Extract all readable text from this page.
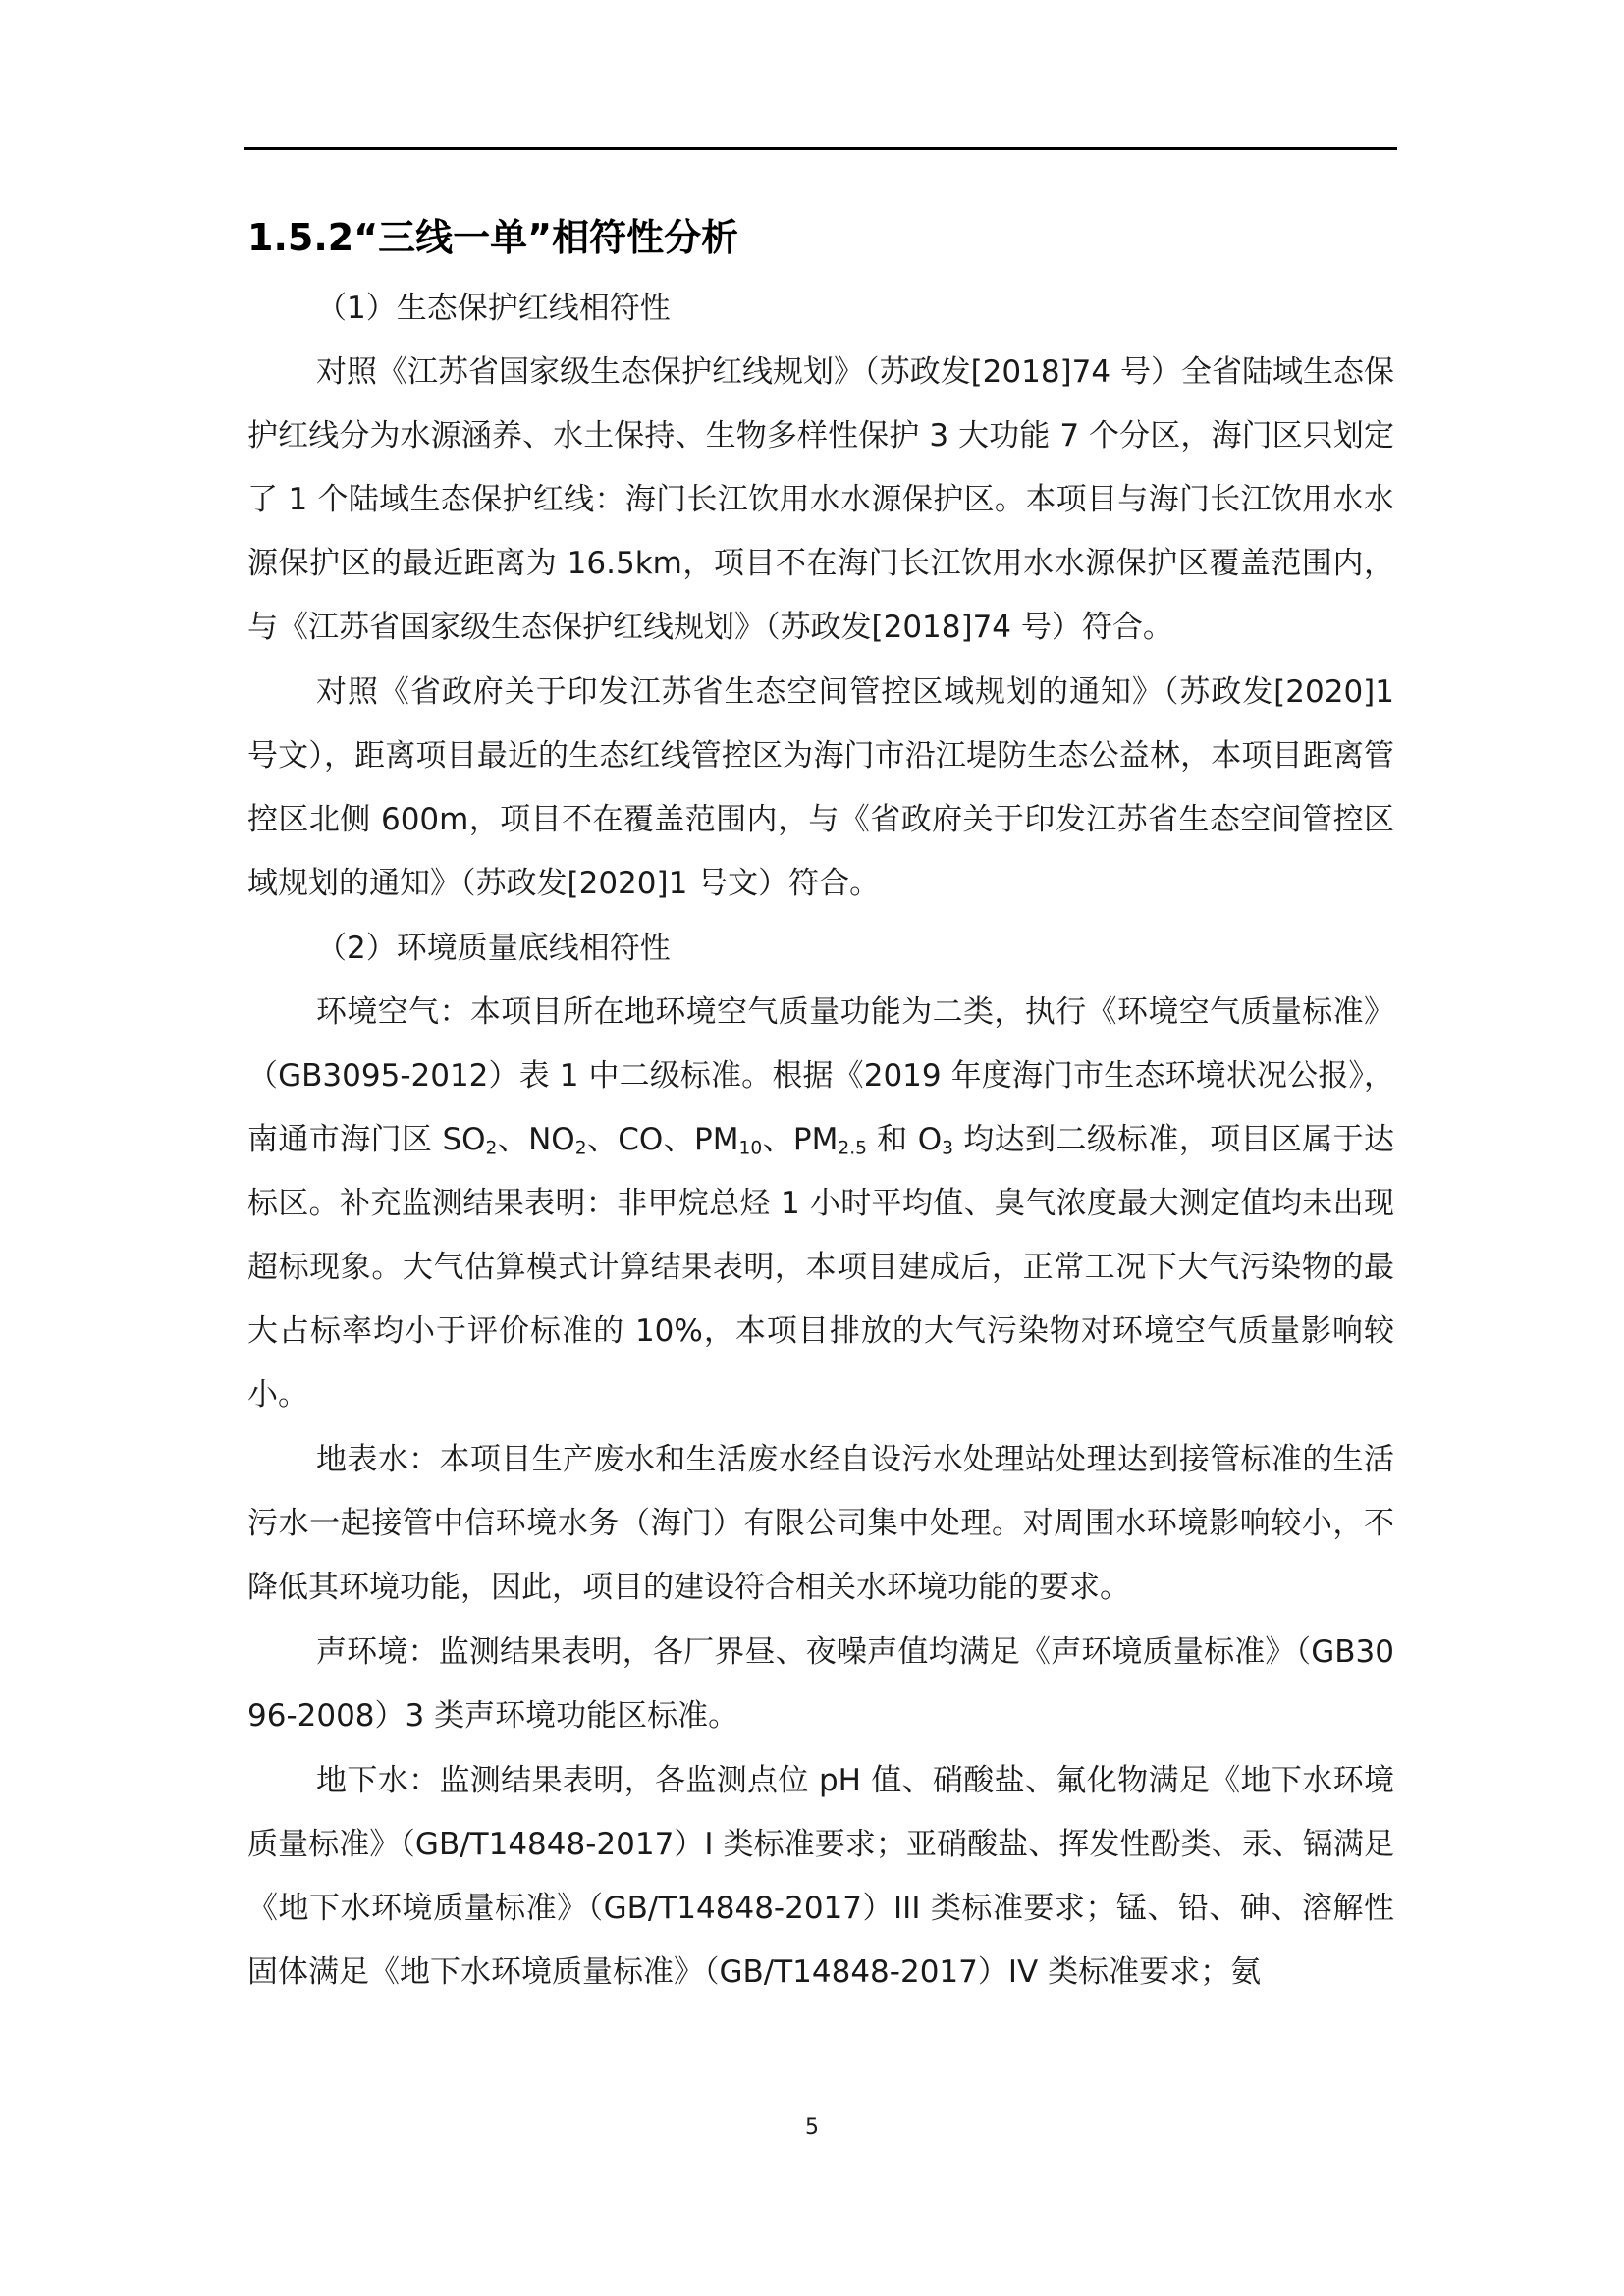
1.5.2“三线一单”相符性分析

（1）生态保护红线相符性

对照《江苏省国家级生态保护红线规划》（苏政发[2018]74 号）全省陆域生态保护红线分为水源涵养、水土保持、生物多样性保护 3 大功能 7 个分区，海门区只划定了 1 个陆域生态保护红线：海门长江饮用水水源保护区。本项目与海门长江饮用水水源保护区的最近距离为 16.5km，项目不在海门长江饮用水水源保护区覆盖范围内，与《江苏省国家级生态保护红线规划》（苏政发[2018]74 号）符合。

对照《省政府关于印发江苏省生态空间管控区域规划的通知》（苏政发[2020]1 号文），距离项目最近的生态红线管控区为海门市沿江堤防生态公益林，本项目距离管控区北侧 600m，项目不在覆盖范围内，与《省政府关于印发江苏省生态空间管控区域规划的通知》（苏政发[2020]1 号文）符合。

（2）环境质量底线相符性

环境空气：本项目所在地环境空气质量功能为二类，执行《环境空气质量标准》（GB3095-2012）表 1 中二级标准。根据《2019 年度海门市生态环境状况公报》，南通市海门区 $SO_2$、$NO_2$、CO、$PM_{10}$、$PM_{2.5}$ 和 $O_3$ 均达到二级标准，项目区属于达标区。补充监测结果表明：非甲烷总烃 1 小时平均值、臭气浓度最大测定值均未出现超标现象。大气估算模式计算结果表明，本项目建成后，正常工况下大气污染物的最大占标率均小于评价标准的 10%，本项目排放的大气污染物对环境空气质量影响较小。

地表水：本项目生产废水和生活废水经自设污水处理站处理达到接管标准的生活污水一起接管中信环境水务（海门）有限公司集中处理。对周围水环境影响较小，不降低其环境功能，因此，项目的建设符合相关水环境功能的要求。

声环境：监测结果表明，各厂界昼、夜噪声值均满足《声环境质量标准》（GB3096-2008）3 类声环境功能区标准。

地下水：监测结果表明，各监测点位 pH 值、硝酸盐、氟化物满足《地下水环境质量标准》（GB/T14848-2017）I 类标准要求；亚硝酸盐、挥发性酚类、汞、镉满足《地下水环境质量标准》（GB/T14848-2017）III 类标准要求；锰、铅、砷、溶解性固体满足《地下水环境质量标准》（GB/T14848-2017）IV 类标准要求；氨

5
